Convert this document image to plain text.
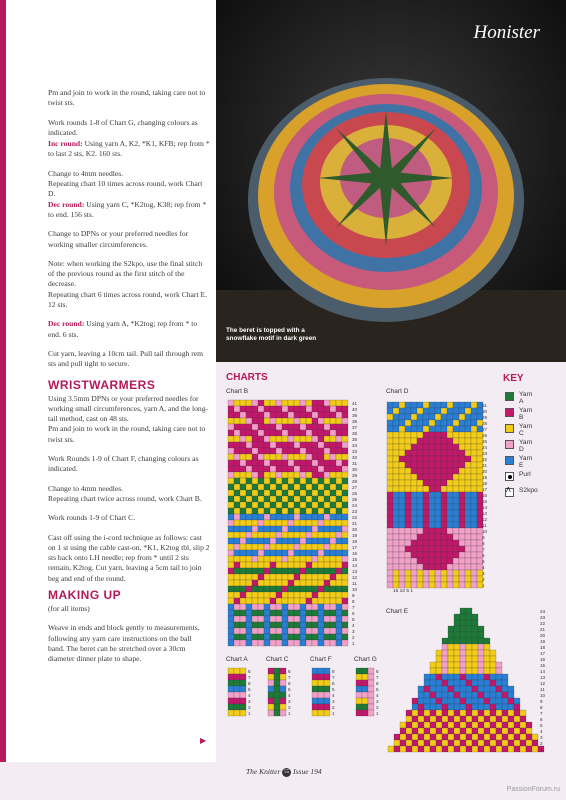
Pm and join to work in the round, taking care not to twist sts.

Work rounds 1-8 of Chart G, changing colours as indicated.

Inc round: Using yarn A, K2, *K1, KFB; rep from * to last 2 sts, K2. 160 sts.

Change to 4mm needles.
Repeating chart 10 times across round, work Chart D.
Dec round: Using yarn C, *K2tog, K38; rep from * to end. 156 sts.

Change to DPNs or your preferred needles for working smaller circumferences.

Note: when working the S2kpo, use the final stitch of the previous round as the first stitch of the decrease.
Repeating chart 6 times across round, work Chart E. 12 sts.

Dec round: Using yarn A, *K2tog; rep from * to end. 6 sts.

Cut yarn, leaving a 10cm tail. Pull tail through rem sts and pull tight to secure.

WRISTWARMERS

Using 3.5mm DPNs or your preferred needles for working small circumferences, yarn A, and the long-tail method, cast on 48 sts.

Pm and join to work in the round, taking care not to twist sts.

Work Rounds 1-9 of Chart F, changing colours as indicated.

Change to 4mm needles.
Repeating chart twice across round, work Chart B.

Work rounds 1-9 of Chart C.

Cast off using the i-cord technique as follows: cast on 1 st using the cable cast-on, *K1, K2tog tbl, slip 2 sts back onto LH needle; rep from * until 2 sts remain, K2tog. Cut yarn, leaving a 5cm tail to join beg and end of the round.

MAKING UP

(for all items)

Weave in ends and block gently to measurements, following any yarn care instructions on the ball band. The beret can be stretched over a 30cm diameter dinner plate to shape.

▶
Honister
The beret is topped with a snowflake motif in dark green
CHARTS
Chart B	Chart D
Chart E
Chart A	Chart C	Chart F	Chart G
15 10 5 1
1
2
3
4
5
6
7
8
9
10
11
12
13
14
15
16
17
18
19
20
21
22
23
24
25
26
27
28
29
30
31
32
33
34
35
36
37
38
39
40
41
1
2
3
4
5
6
7
8
9
10
11
12
13
14
15
16
17
18
19
20
21
22
23
24
25
26
27
28
29
30
31
1
2
3
4
5
6
7
8
9
10
11
12
13
14
15
16
17
18
19
20
21
22
23
24
1
2
3
4
5
6
7
8
1
2
3
4
5
6
7
8
1
2
3
4
5
6
7
8
1
2
3
4
5
6
7
8
KEY
Yarn A
Yarn B
Yarn C
Yarn D
Yarn E
Purl
Λ S2kpo
The Knitter 55 Issue 194
PassionForum.ru
